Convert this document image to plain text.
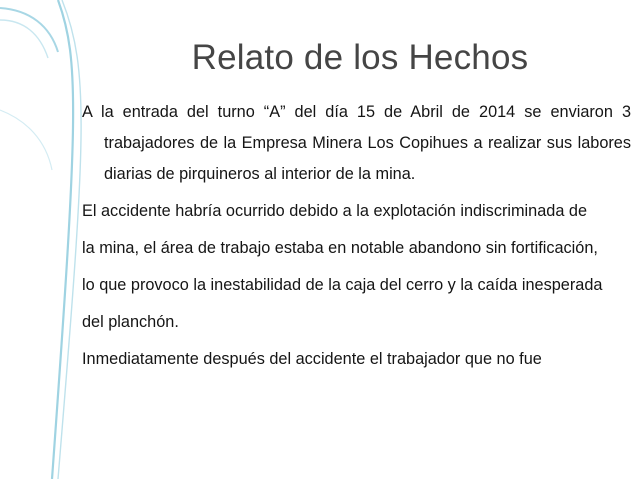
Relato de los Hechos

A la entrada del turno “A” del día 15 de Abril de 2014 se enviaron 3 trabajadores de la Empresa Minera Los Copihues a realizar sus labores diarias de pirquineros al interior de la mina.

El accidente habría ocurrido debido a la explotación indiscriminada de

la mina, el área de trabajo estaba en notable abandono sin fortificación,

lo que provoco la inestabilidad de la caja del cerro y la caída inesperada

del planchón.

Inmediatamente después del accidente el trabajador que no fue
